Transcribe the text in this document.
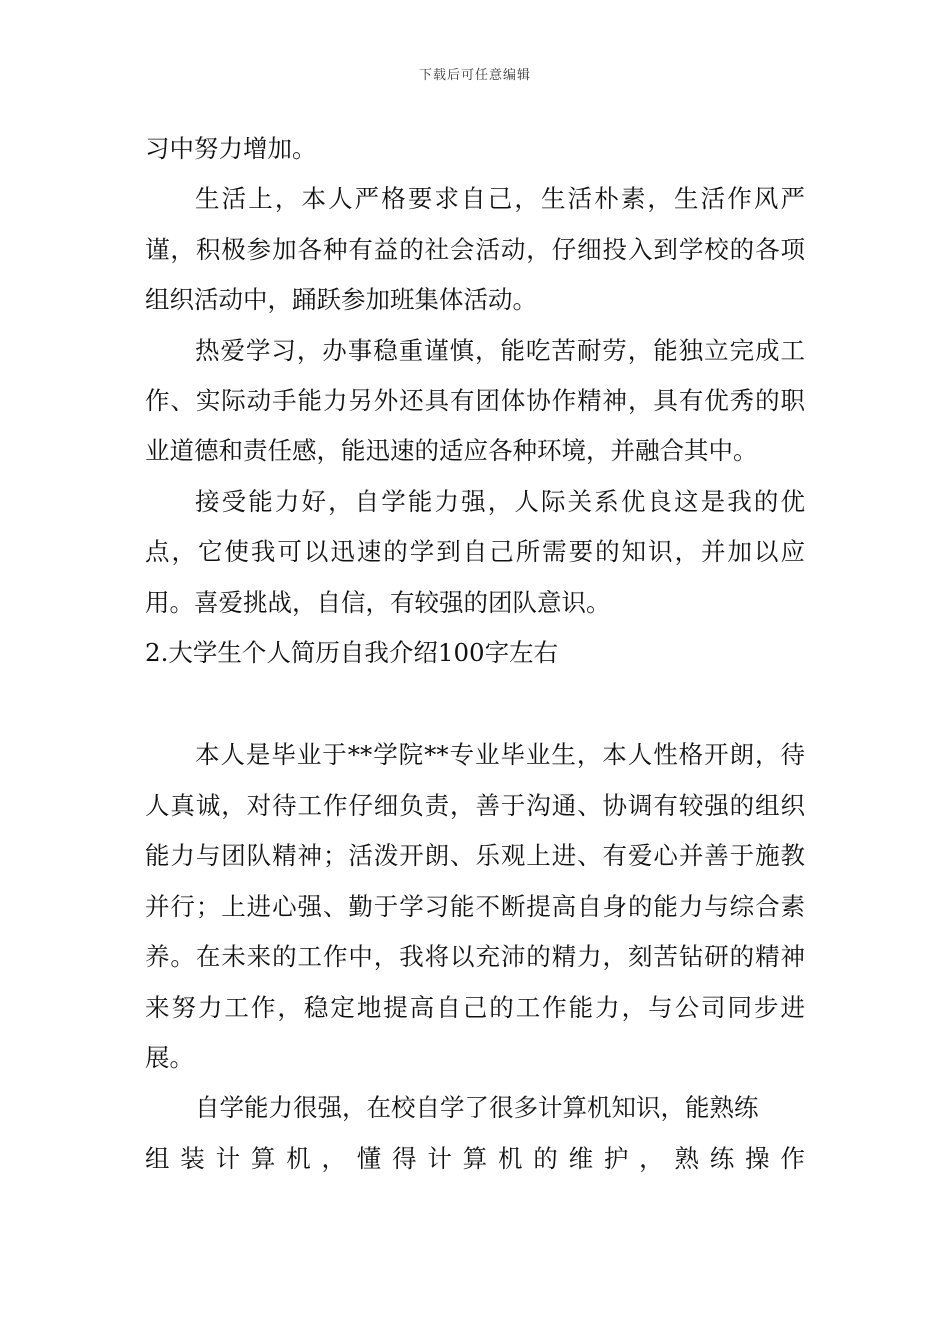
下载后可任意编辑

习中努力增加。

生活上，本人严格要求自己，生活朴素，生活作风严谨，积极参加各种有益的社会活动，仔细投入到学校的各项组织活动中，踊跃参加班集体活动。

热爱学习，办事稳重谨慎，能吃苦耐劳，能独立完成工作、实际动手能力另外还具有团体协作精神，具有优秀的职业道德和责任感，能迅速的适应各种环境，并融合其中。

接受能力好，自学能力强，人际关系优良这是我的优点，它使我可以迅速的学到自己所需要的知识，并加以应用。喜爱挑战，自信，有较强的团队意识。

2.大学生个人简历自我介绍100字左右

本人是毕业于**学院**专业毕业生，本人性格开朗，待人真诚，对待工作仔细负责，善于沟通、协调有较强的组织能力与团队精神；活泼开朗、乐观上进、有爱心并善于施教并行；上进心强、勤于学习能不断提高自身的能力与综合素养。在未来的工作中，我将以充沛的精力，刻苦钻研的精神来努力工作，稳定地提高自己的工作能力，与公司同步进展。

自学能力很强，在校自学了很多计算机知识，能熟练

组 装 计 算 机 ， 懂 得 计 算 机 的 维 护 ， 熟 练 操 作
